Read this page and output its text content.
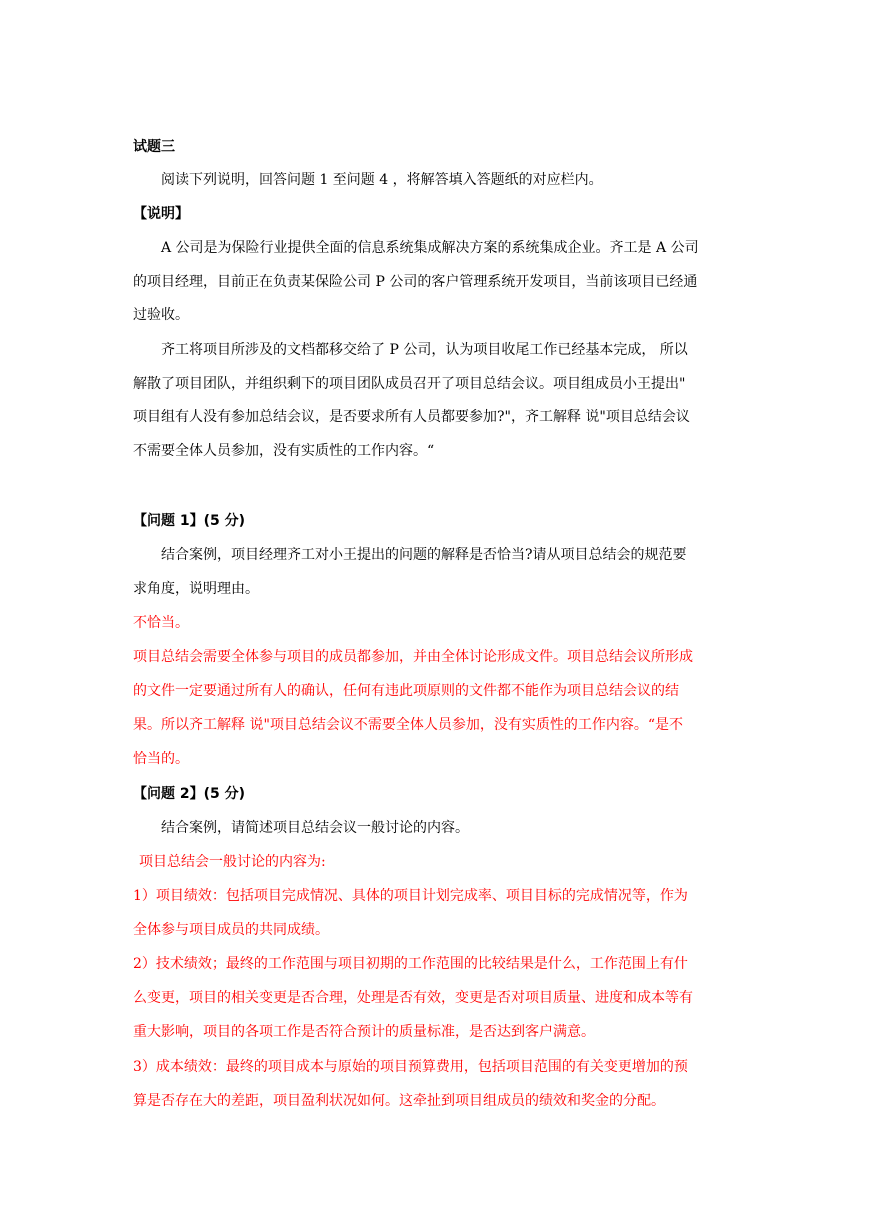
试题三
阅读下列说明，回答问题 1 至问题 4 ，将解答填入答题纸的对应栏内。
【说明】
A 公司是为保险行业提供全面的信息系统集成解决方案的系统集成企业。齐工是 A 公司
的项目经理，目前正在负责某保险公司 P 公司的客户管理系统开发项目，当前该项目已经通
过验收。
齐工将项目所涉及的文档都移交给了 P 公司，认为项目收尾工作已经基本完成， 所以
解散了项目团队，并组织剩下的项目团队成员召开了项目总结会议。项目组成员小王提出"
项目组有人没有参加总结会议，是否要求所有人员都要参加?"，齐工解释 说"项目总结会议
不需要全体人员参加，没有实质性的工作内容。“
【问题 1】(5 分)
结合案例，项目经理齐工对小王提出的问题的解释是否恰当?请从项目总结会的规范要
求角度，说明理由。
不恰当。
项目总结会需要全体参与项目的成员都参加，并由全体讨论形成文件。项目总结会议所形成
的文件一定要通过所有人的确认，任何有违此项原则的文件都不能作为项目总结会议的结
果。所以齐工解释 说"项目总结会议不需要全体人员参加，没有实质性的工作内容。“是不
恰当的。
【问题 2】(5 分)
结合案例，请简述项目总结会议一般讨论的内容。
项目总结会一般讨论的内容为:
1）项目绩效：包括项目完成情况、具体的项目计划完成率、项目目标的完成情况等，作为
全体参与项目成员的共同成绩。
2）技术绩效；最终的工作范围与项目初期的工作范围的比较结果是什么，工作范围上有什
么变更，项目的相关变更是否合理，处理是否有效，变更是否对项目质量、进度和成本等有
重大影响，项目的各项工作是否符合预计的质量标准，是否达到客户满意。
3）成本绩效：最终的项目成本与原始的项目预算费用，包括项目范围的有关变更增加的预
算是否存在大的差距，项目盈利状况如何。这牵扯到项目组成员的绩效和奖金的分配。
